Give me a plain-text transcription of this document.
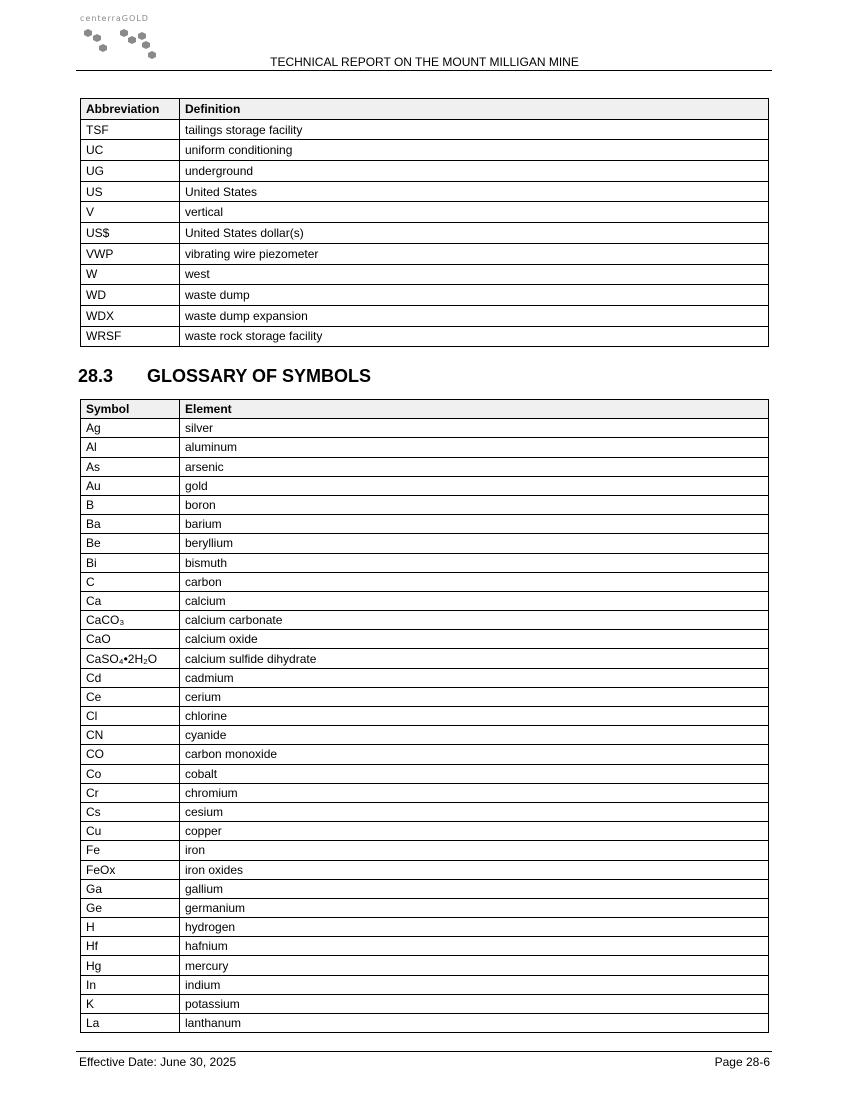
centerraGOLD
TECHNICAL REPORT ON THE MOUNT MILLIGAN MINE
Abbreviation	Definition
TSF	tailings storage facility
UC	uniform conditioning
UG	underground
US	United States
V	vertical
US$	United States dollar(s)
VWP	vibrating wire piezometer
W	west
WD	waste dump
WDX	waste dump expansion
WRSF	waste rock storage facility
28.3 GLOSSARY OF SYMBOLS
Symbol	Element
Ag	silver
Al	aluminum
As	arsenic
Au	gold
B	boron
Ba	barium
Be	beryllium
Bi	bismuth
C	carbon
Ca	calcium
CaCO₃	calcium carbonate
CaO	calcium oxide
CaSO₄•2H₂O	calcium sulfide dihydrate
Cd	cadmium
Ce	cerium
Cl	chlorine
CN	cyanide
CO	carbon monoxide
Co	cobalt
Cr	chromium
Cs	cesium
Cu	copper
Fe	iron
FeOx	iron oxides
Ga	gallium
Ge	germanium
H	hydrogen
Hf	hafnium
Hg	mercury
In	indium
K	potassium
La	lanthanum
Effective Date: June 30, 2025	Page 28-6
